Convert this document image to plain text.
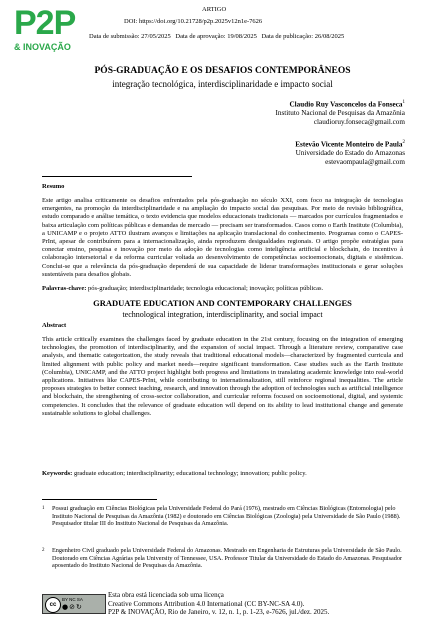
P2P
& INOVAÇÃO
ARTIGO
DOI: https://doi.org/10.21728/p2p.2025v12n1e-7626
Data de submissão: 27/05/2025 Data de aprovação: 19/08/2025 Data de publicação: 26/08/2025
PÓS-GRADUAÇÃO E OS DESAFIOS CONTEMPORÂNEOS
integração tecnológica, interdisciplinaridade e impacto social
Claudio Ruy Vasconcelos da Fonseca$^1$
Instituto Nacional de Pesquisas da Amazônia
claudioruy.fonseca@gmail.com
Estevão Vicente Monteiro de Paula$^2$
Universidade do Estado do Amazonas
estevaompaula@gmail.com
Resumo
Este artigo analisa criticamente os desafios enfrentados pela pós-graduação no século XXI, com foco na integração de tecnologias emergentes, na promoção da interdisciplinaridade e na ampliação do impacto social das pesquisas. Por meio de revisão bibliográfica, estudo comparado e análise temática, o texto evidencia que modelos educacionais tradicionais — marcados por currículos fragmentados e baixa articulação com políticas públicas e demandas de mercado — precisam ser transformados. Casos como o Earth Institute (Columbia), a UNICAMP e o projeto ATTO ilustram avanços e limitações na aplicação translacional do conhecimento. Programas como o CAPES-PrInt, apesar de contribuírem para a internacionalização, ainda reproduzem desigualdades regionais. O artigo propõe estratégias para conectar ensino, pesquisa e inovação por meio da adoção de tecnologias como inteligência artificial e blockchain, do incentivo à colaboração intersetorial e da reforma curricular voltada ao desenvolvimento de competências socioemocionais, digitais e sistêmicas. Conclui-se que a relevância da pós-graduação dependerá de sua capacidade de liderar transformações institucionais e gerar soluções sustentáveis para desafios globais.
Palavras-chave: pós-graduação; interdisciplinaridade; tecnologia educacional; inovação; políticas públicas.
GRADUATE EDUCATION AND CONTEMPORARY CHALLENGES
technological integration, interdisciplinarity, and social impact
Abstract
This article critically examines the challenges faced by graduate education in the 21st century, focusing on the integration of emerging technologies, the promotion of interdisciplinarity, and the expansion of social impact. Through a literature review, comparative case analysis, and thematic categorization, the study reveals that traditional educational models—characterized by fragmented curricula and limited alignment with public policy and market needs—require significant transformation. Case studies such as the Earth Institute (Columbia), UNICAMP, and the ATTO project highlight both progress and limitations in translating academic knowledge into real-world applications. Initiatives like CAPES-PrInt, while contributing to internationalization, still reinforce regional inequalities. The article proposes strategies to better connect teaching, research, and innovation through the adoption of technologies such as artificial intelligence and blockchain, the strengthening of cross-sector collaboration, and curricular reforms focused on socioemotional, digital, and systemic competencies. It concludes that the relevance of graduate education will depend on its ability to lead institutional change and generate sustainable solutions to global challenges.
Keywords: graduate education; interdisciplinarity; educational technology; innovation; public policy.
1 Possui graduação em Ciências Biológicas pela Universidade Federal do Pará (1976), mestrado em Ciências Biológicas (Entomologia) pelo Instituto Nacional de Pesquisas da Amazônia (1982) e doutorado em Ciências Biológicas (Zoologia) pela Universidade de São Paulo (1988). Pesquisador titular III do Instituto Nacional de Pesquisas da Amazônia.
2 Engenheiro Civil graduado pela Universidade Federal do Amazonas. Mestrado em Engenharia de Estruturas pela Universidade de São Paulo. Doutorado em Ciências Agrárias pela University of Tennessee, USA. Professor Titular da Universidade do Estado do Amazonas. Pesquisador aposentado do Instituto Nacional de Pesquisas da Amazônia.
cc
BY NC SA
●⊘↻
Esta obra está licenciada sob uma licença
Creative Commons Attribution 4.0 International (CC BY-NC-SA 4.0).
P2P & INOVAÇÃO, Rio de Janeiro, v. 12, n. 1, p. 1-23, e-7626, jul./dez. 2025.
